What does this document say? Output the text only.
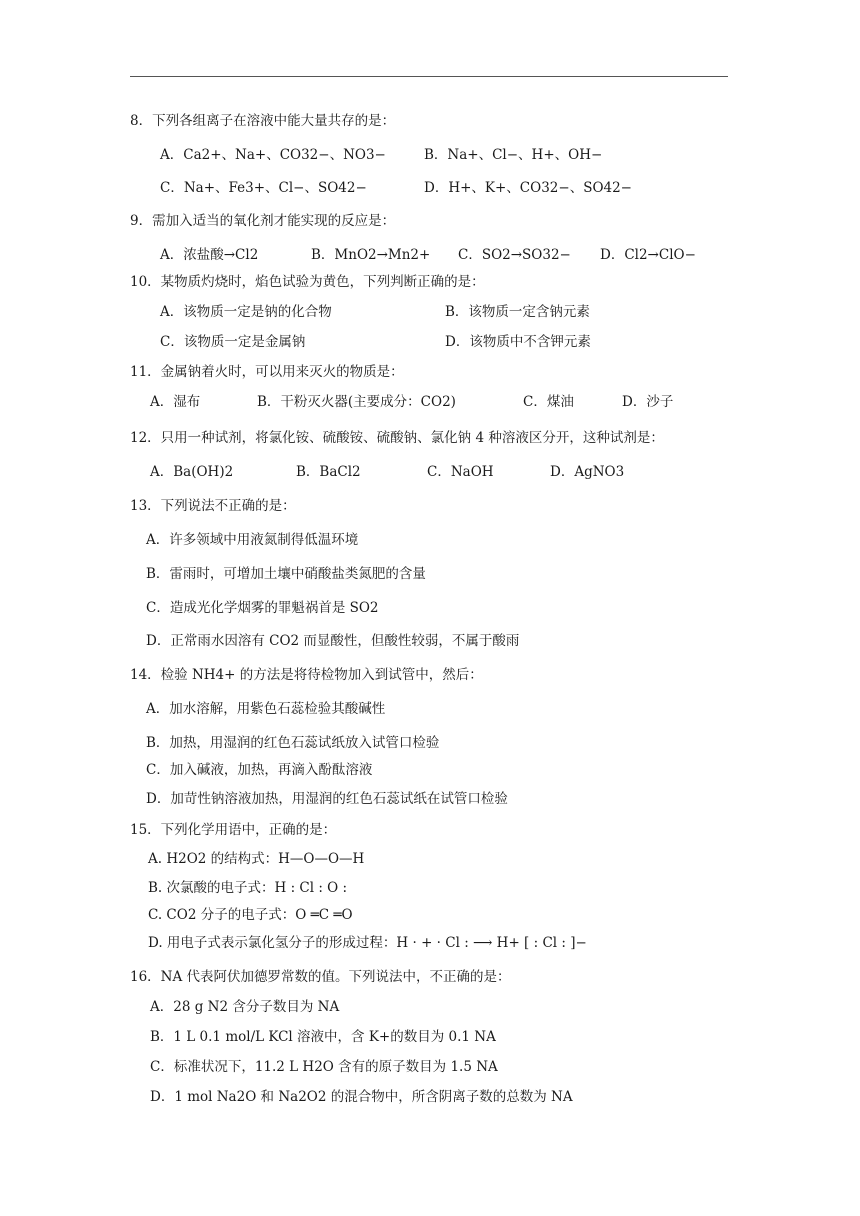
8．下列各组离子在溶液中能大量共存的是：
A．Ca2+、Na+、CO32−、NO3−	B．Na+、Cl−、H+、OH−
C．Na+、Fe3+、Cl−、SO42−	D．H+、K+、CO32−、SO42−
9．需加入适当的氧化剂才能实现的反应是：
A．浓盐酸→Cl2	B．MnO2→Mn2+ C．SO2→SO32− D．Cl2→ClO−
10．某物质灼烧时，焰色试验为黄色，下列判断正确的是：
A．该物质一定是钠的化合物	B．该物质一定含钠元素
C．该物质一定是金属钠	D．该物质中不含钾元素
11．金属钠着火时，可以用来灭火的物质是：
A．湿布	B．干粉灭火器(主要成分：CO2)	C．煤油	D．沙子
12．只用一种试剂，将氯化铵、硫酸铵、硫酸钠、氯化钠 4 种溶液区分开，这种试剂是：
A．Ba(OH)2	B．BaCl2	C．NaOH	D．AgNO3
13．下列说法不正确的是：
A．许多领域中用液氮制得低温环境
B．雷雨时，可增加土壤中硝酸盐类氮肥的含量
C．造成光化学烟雾的罪魁祸首是 SO2
D．正常雨水因溶有 CO2 而显酸性，但酸性较弱，不属于酸雨
14．检验 NH4+ 的方法是将待检物加入到试管中，然后：
A．加水溶解，用紫色石蕊检验其酸碱性
B．加热，用湿润的红色石蕊试纸放入试管口检验
C．加入碱液，加热，再滴入酚酞溶液
D．加苛性钠溶液加热，用湿润的红色石蕊试纸在试管口检验
15．下列化学用语中，正确的是：
A. H2O2 的结构式：H—O—O—H
B. 次氯酸的电子式：H : Cl : O :
C. CO2 分子的电子式：O ═C ═O
D. 用电子式表示氯化氢分子的形成过程：H · + · Cl : ⟶ H+ [ : Cl : ]−
16．NA 代表阿伏加德罗常数的值。下列说法中，不正确的是：
A．28 g N2 含分子数目为 NA
B．1 L 0.1 mol/L KCl 溶液中，含 K+的数目为 0.1 NA
C．标准状况下，11.2 L H2O 含有的原子数目为 1.5 NA
D．1 mol Na2O 和 Na2O2 的混合物中，所含阴离子数的总数为 NA
